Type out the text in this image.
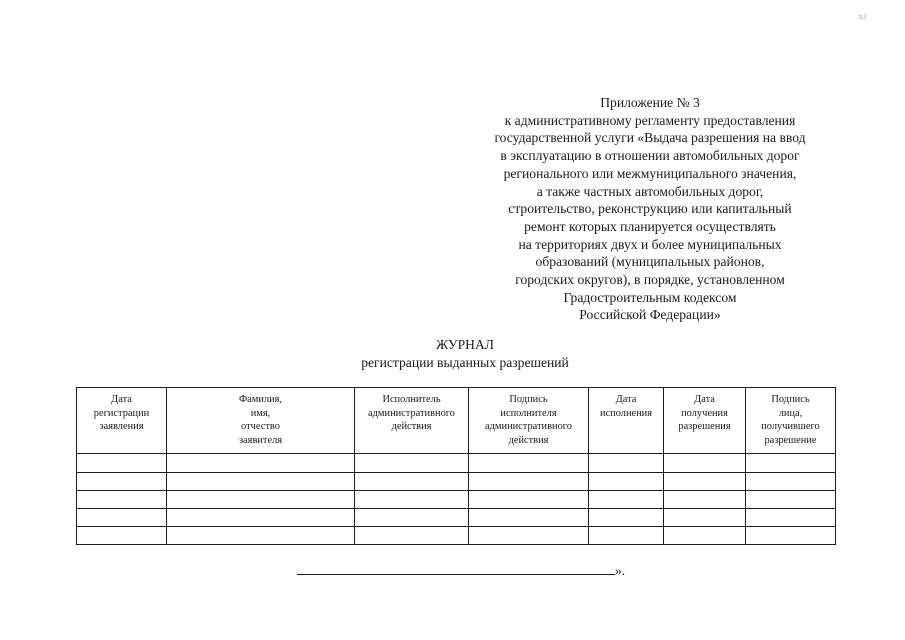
Приложение № 3
к административному регламенту предоставления
государственной услуги «Выдача разрешения на ввод
в эксплуатацию в отношении автомобильных дорог
регионального или межмуниципального значения,
а также частных автомобильных дорог,
строительство, реконструкцию или капитальный
ремонт которых планируется осуществлять
на территориях двух и более муниципальных
образований (муниципальных районов,
городских округов), в порядке, установленном
Градостроительным кодексом
Российской Федерации»
ЖУРНАЛ
регистрации выданных разрешений
Дата
регистрации
заявления	Фамилия,
имя,
отчество
заявителя	Исполнитель
административного
действия	Подпись
исполнителя
административного
действия	Дата
исполнения	Дата
получения
разрешения	Подпись
лица,
получившего
разрешение

».
л.і
